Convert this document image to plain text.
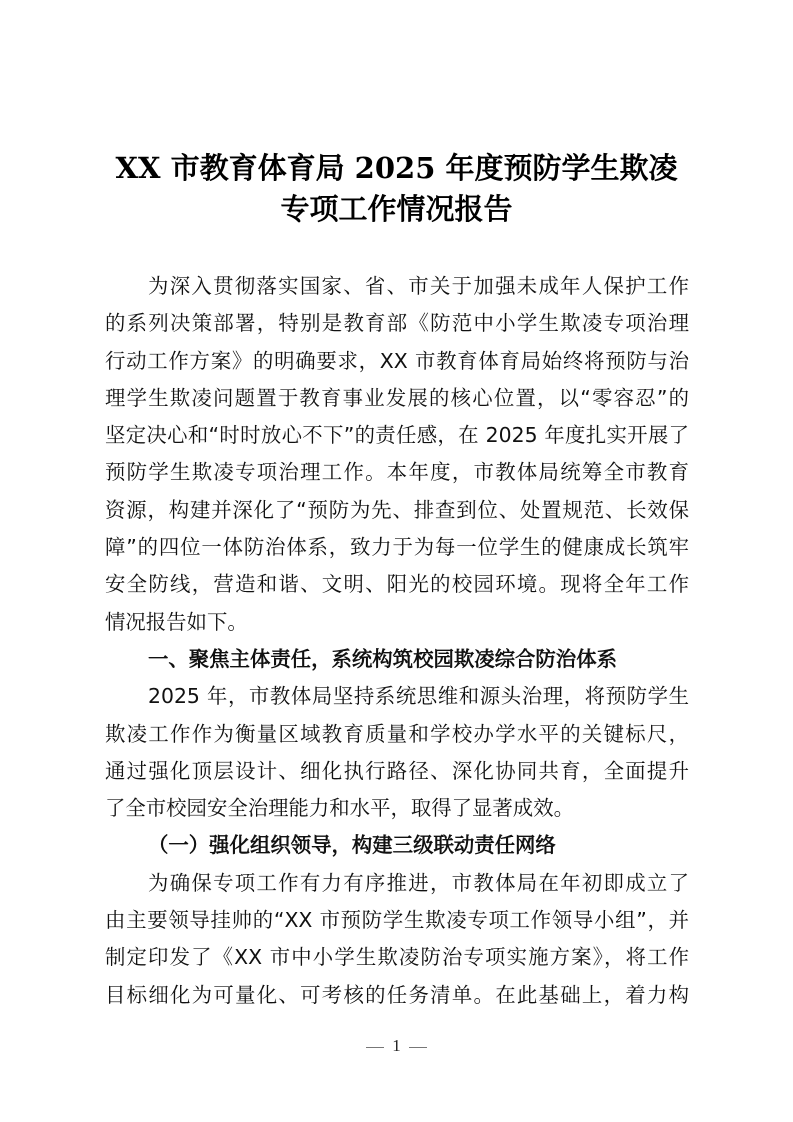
XX 市教育体育局 2025 年度预防学生欺凌
专项工作情况报告
为深入贯彻落实国家、省、市关于加强未成年人保护工作
的系列决策部署，特别是教育部《防范中小学生欺凌专项治理
行动工作方案》的明确要求，XX 市教育体育局始终将预防与治
理学生欺凌问题置于教育事业发展的核心位置，以“零容忍”的
坚定决心和“时时放心不下”的责任感，在 2025 年度扎实开展了
预防学生欺凌专项治理工作。本年度，市教体局统筹全市教育
资源，构建并深化了“预防为先、排查到位、处置规范、长效保
障”的四位一体防治体系，致力于为每一位学生的健康成长筑牢
安全防线，营造和谐、文明、阳光的校园环境。现将全年工作
情况报告如下。
一、聚焦主体责任，系统构筑校园欺凌综合防治体系
2025 年，市教体局坚持系统思维和源头治理，将预防学生
欺凌工作作为衡量区域教育质量和学校办学水平的关键标尺，
通过强化顶层设计、细化执行路径、深化协同共育，全面提升
了全市校园安全治理能力和水平，取得了显著成效。
（一）强化组织领导，构建三级联动责任网络
为确保专项工作有力有序推进，市教体局在年初即成立了
由主要领导挂帅的“XX 市预防学生欺凌专项工作领导小组”，并
制定印发了《XX 市中小学生欺凌防治专项实施方案》，将工作
目标细化为可量化、可考核的任务清单。在此基础上，着力构
1
